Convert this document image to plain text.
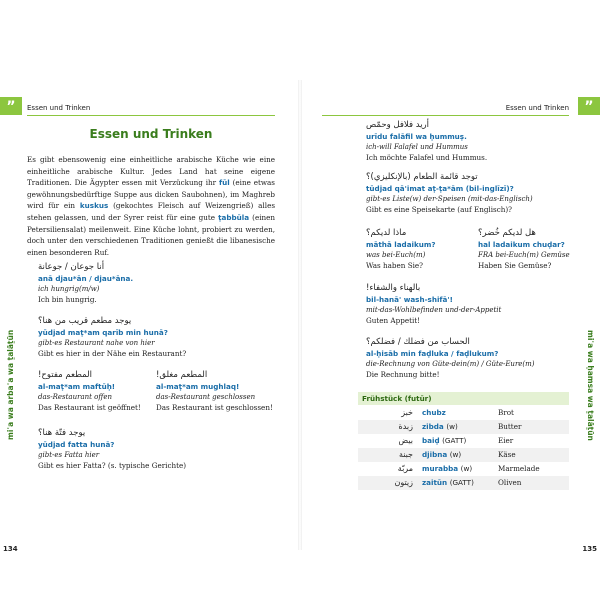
”	Essen und Trinken
miʿa wa arbaʿa wa ṯalāṯūn
134
Essen und Trinken
Es gibt ebensowenig eine einheitliche arabische Küche wie eine einheitliche arabische Kultur. Jedes Land hat seine eigene Traditionen. Die Ägypter essen mit Verzückung ihr fūl (eine etwas gewöhnungsbedürftige Suppe aus dicken Saubohnen), im Maghreb wird für ein kuskus (gekochtes Fleisch auf Weizengrieß) alles stehen gelassen, und der Syrer reist für eine gute ṭabbūla (einen Petersiliensalat) meilenweit. Eine Küche lohnt, probiert zu werden, doch unter den verschiedenen Traditionen genießt die libanesische einen besonderen Ruf.
أنا جوعان / جوعانة
anā djau*ān / djau*āna.
ich hungrig(m/w)
Ich bin hungrig.
يوجد مطعم قريب من هنا؟
yūdjad maṭ*am qarīb min hunā?
gibt-es Restaurant nahe von hier
Gibt es hier in der Nähe ein Restaurant?
المطعم مفتوح!
al-maṭ*am maftūḥ!
das-Restaurant offen
Das Restaurant ist geöffnet!
المطعم مغلق!
al-maṭ*am mughlaq!
das-Restaurant geschlossen
Das Restaurant ist geschlossen!
يوجد فتّة هنا؟
yūdjad fatta hunā?
gibt-es Fatta hier
Gibt es hier Fatta? (s. typische Gerichte)
”
Essen und Trinken
miʿa wa ḫamsa wa ṯalāṯūn
135
أريد فلافل وحمّص
urīdu falāfil wa ḥummuṣ.
ich-will Falafel und Hummus
Ich möchte Falafel und Hummus.
توجد قائمة الطعام (بالإنكليزي)؟
tūdjad qā'imat aṭ-ṭa*ām (bil-inglīzī)?
gibt-es Liste(w) der-Speisen (mit-das-Englisch)
Gibt es eine Speisekarte (auf Englisch)?
ماذا لديكم؟
māthā ladaikum?
was bei-Euch(m)
Was haben Sie?
هل لديكم خُضر؟
hal ladaikum chuḍar?
FRA bei-Euch(m) Gemüse
Haben Sie Gemüse?
بالهناء والشفاء!
bil-hanā' wash-shifā'!
mit-das-Wohlbefinden und-der-Appetit
Guten Appetit!
الحساب من فضلك / فضلكم؟
al-ḥisāb min faḍluka / faḍlukum?
die-Rechnung von Güte-dein(m) / Güte-Eure(m)
Die Rechnung bitte!
Frühstück (futūr)
خبز chubz	Brot
زبدة zibda (w)	Butter
بيض baiḍ (GATT)	Eier
جبنة djibna (w)	Käse
مربّة murabba (w)	Marmelade
زيتون zaitūn (GATT)	Oliven
